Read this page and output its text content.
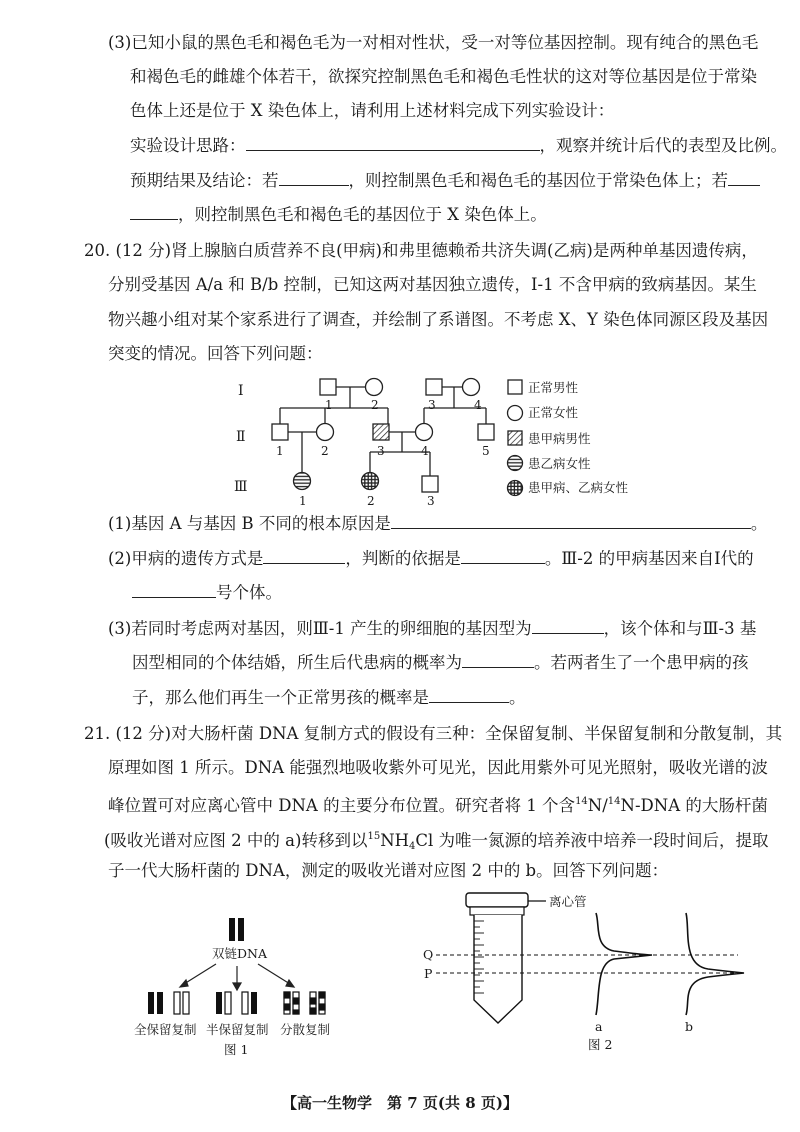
(3)已知小鼠的黑色毛和褐色毛为一对相对性状，受一对等位基因控制。现有纯合的黑色毛
和褐色毛的雌雄个体若干，欲探究控制黑色毛和褐色毛性状的这对等位基因是位于常染
色体上还是位于 X 染色体上，请利用上述材料完成下列实验设计：
实验设计思路：	，观察并统计后代的表型及比例。
预期结果及结论：若	，则控制黑色毛和褐色毛的基因位于常染色体上；若
，则控制黑色毛和褐色毛的基因位于 X 染色体上。
20. (12 分)肾上腺脑白质营养不良(甲病)和弗里德赖希共济失调(乙病)是两种单基因遗传病，
分别受基因 A/a 和 B/b 控制，已知这两对基因独立遗传，Ⅰ-1 不含甲病的致病基因。某生
物兴趣小组对某个家系进行了调查，并绘制了系谱图。不考虑 X、Y 染色体同源区段及基因
突变的情况。回答下列问题：
Ⅰ
Ⅱ
Ⅲ
1	2	3	4
1	2	3	4	5
1	2	3
正常男性
正常女性
患甲病男性
患乙病女性
患甲病、乙病女性
(1)基因 A 与基因 B 不同的根本原因是	。
(2)甲病的遗传方式是	，判断的依据是	。Ⅲ-2 的甲病基因来自Ⅰ代的
号个体。
(3)若同时考虑两对基因，则Ⅲ-1 产生的卵细胞的基因型为	，该个体和与Ⅲ-3 基
因型相同的个体结婚，所生后代患病的概率为	。若两者生了一个患甲病的孩
子，那么他们再生一个正常男孩的概率是	。
21. (12 分)对大肠杆菌 DNA 复制方式的假设有三种：全保留复制、半保留复制和分散复制，其
原理如图 1 所示。DNA 能强烈地吸收紫外可见光，因此用紫外可见光照射，吸收光谱的波
峰位置可对应离心管中 DNA 的主要分布位置。研究者将 1 个含$^{14}$N/$^{14}$N-DNA 的大肠杆菌
(吸收光谱对应图 2 中的 a)转移到以$^{15}NH_4Cl$ 为唯一氮源的培养液中培养一段时间后，提取
子一代大肠杆菌的 DNA，测定的吸收光谱对应图 2 中的 b。回答下列问题：
双链DNA
全保留复制 半保留复制 分散复制
图 1
离心管
Q
P
a	b
图 2
【高一生物学　第 7 页(共 8 页)】
